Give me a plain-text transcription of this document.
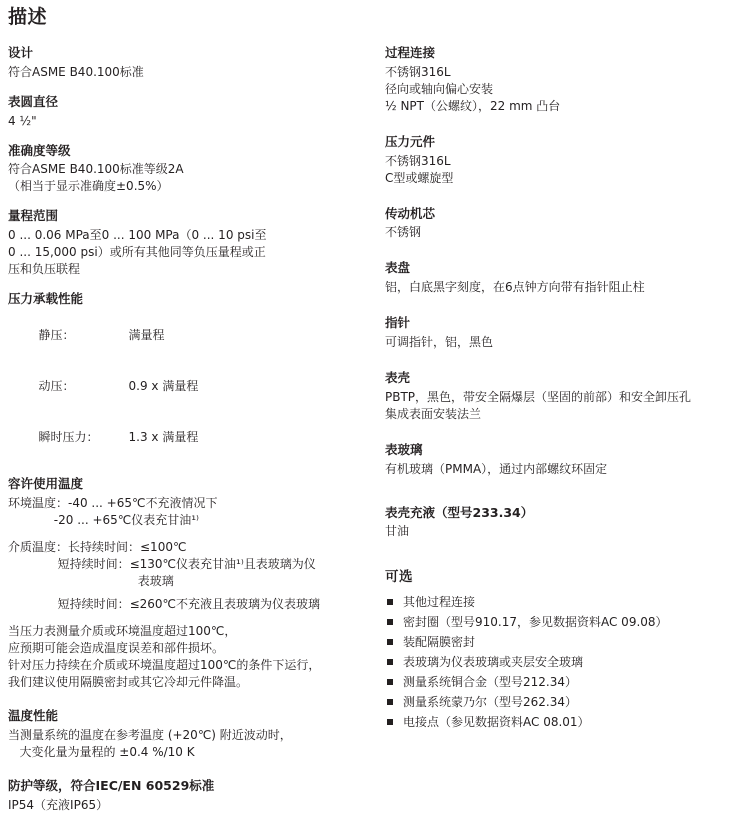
描述
设计
符合ASME B40.100标准
表圆直径
4 ½"
准确度等级
符合ASME B40.100标准等级2A
（相当于显示准确度±0.5%）
量程范围
0 ... 0.06 MPa至0 ... 100 MPa（0 ... 10 psi至
0 ... 15,000 psi）或所有其他同等负压量程或正
压和负压联程
压力承载性能

静压：	满量程

动压：	0.9 x 满量程

瞬时压力： 1.3 x 满量程

容许使用温度
环境温度：-40 ... +65℃不充液情况下
-20 ... +65℃仪表充甘油¹⁾
介质温度：长持续时间：≤100℃
短持续时间：≤130℃仪表充甘油¹⁾且表玻璃为仪
表玻璃
短持续时间：≤260℃不充液且表玻璃为仪表玻璃
当压力表测量介质或环境温度超过100℃，
应预期可能会造成温度误差和部件损坏。
针对压力持续在介质或环境温度超过100℃的条件下运行，
我们建议使用隔膜密封或其它冷却元件降温。
温度性能
当测量系统的温度在参考温度 (+20℃) 附近波动时，
大变化量为量程的 ±0.4 %/10 K
防护等级，符合IEC/EN 60529标准
IP54（充液IP65）
过程连接
不锈钢316L
径向或轴向偏心安装
½ NPT（公螺纹），22 mm 凸台
压力元件
不锈钢316L
C型或螺旋型
传动机芯
不锈钢
表盘
铝，白底黑字刻度，在6点钟方向带有指针阻止柱
指针
可调指针，铝，黑色
表壳
PBTP，黑色，带安全隔爆层（坚固的前部）和安全卸压孔
集成表面安装法兰
表玻璃
有机玻璃（PMMA），通过内部螺纹环固定
表壳充液（型号233.34）
甘油
可选
其他过程连接
密封圈（型号910.17，参见数据资料AC 09.08）
装配隔膜密封
表玻璃为仪表玻璃或夹层安全玻璃
测量系统铜合金（型号212.34）
测量系统蒙乃尔（型号262.34）
电接点（参见数据资料AC 08.01）
